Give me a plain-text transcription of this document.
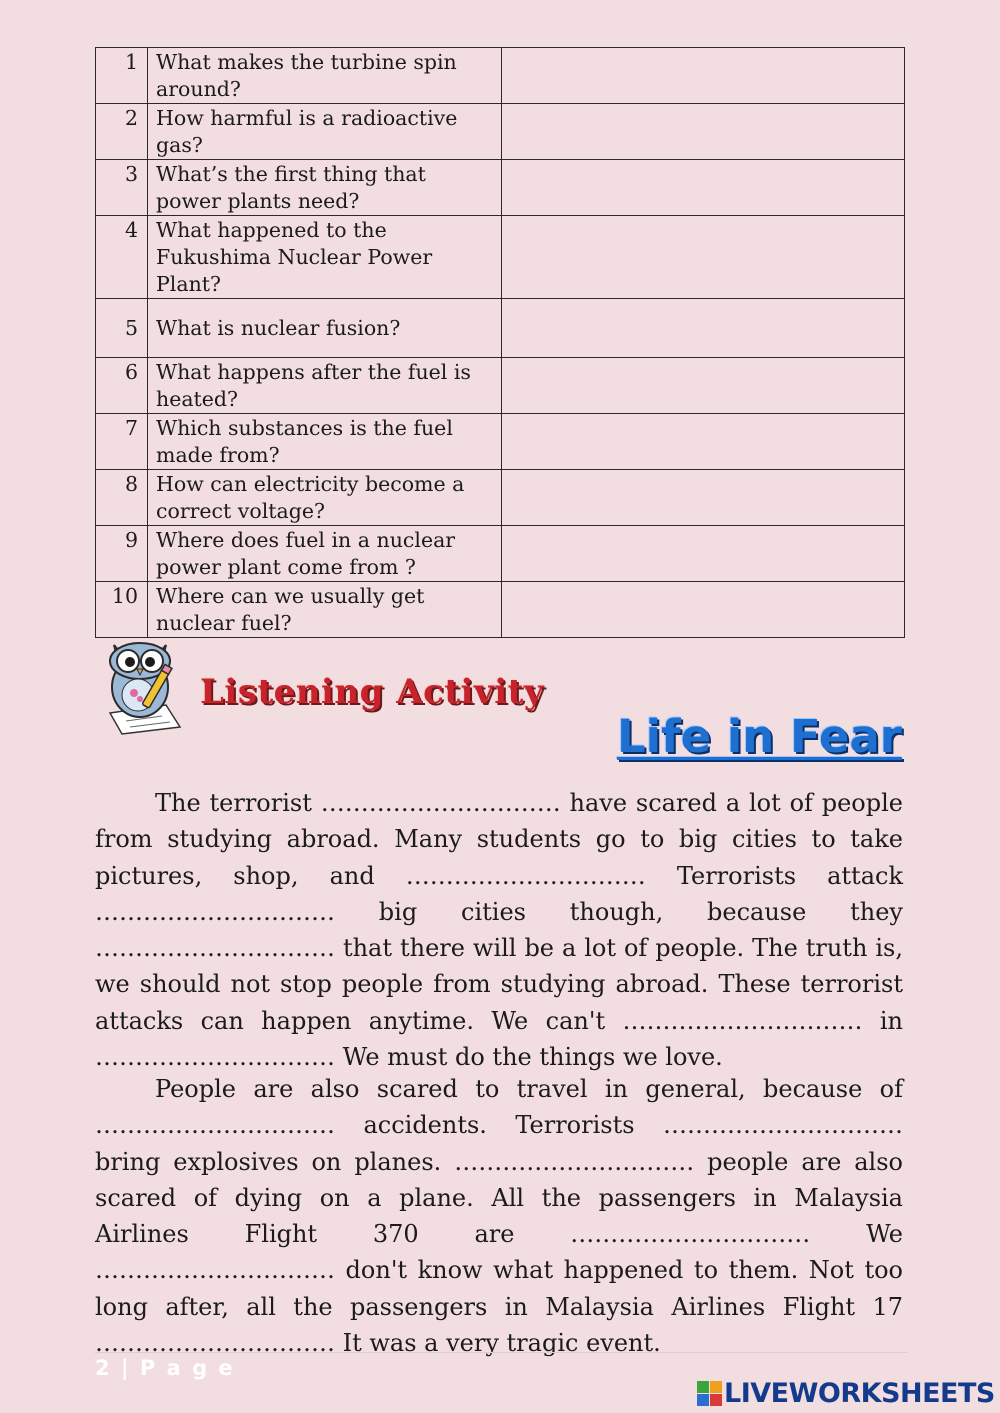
1	What makes the turbine spin around?	
2	How harmful is a radioactive gas?	
3	What’s the first thing that power plants need?	
4	What happened to the Fukushima Nuclear Power Plant?	
5	What is nuclear fusion?	
6	What happens after the fuel is heated?	
7	Which substances is the fuel made from?	
8	How can electricity become a correct voltage?	
9	Where does fuel in a nuclear power plant come from ?	
10	Where can we usually get nuclear fuel?	
Listening Activity
Life in Fear

The terrorist ………………………… have scared a lot of people from studying abroad. Many students go to big cities to take pictures, shop, and ………………………… Terrorists attack ………………………… big cities though, because they ………………………… that there will be a lot of people. The truth is, we should not stop people from studying abroad. These terrorist attacks can happen anytime. We can't ………………………… in ………………………… We must do the things we love.

People are also scared to travel in general, because of ………………………… accidents. Terrorists ………………………… bring explosives on planes. ………………………… people are also scared of dying on a plane. All the passengers in Malaysia Airlines Flight 370 are ………………………… We ………………………… don't know what happened to them. Not too long after, all the passengers in Malaysia Airlines Flight 17 ………………………… It was a very tragic event.

2 | P a g e
LIVEWORKSHEETS
